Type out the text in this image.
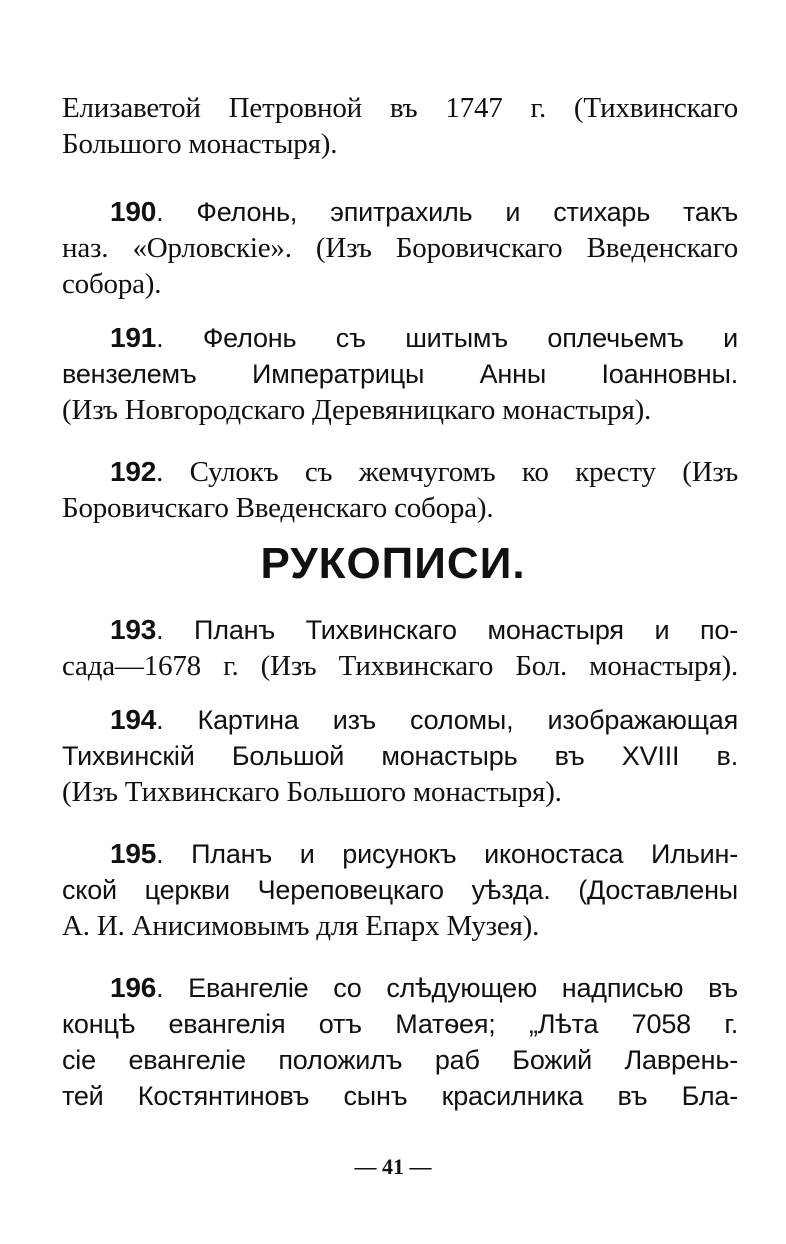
Елизаветой Петровной въ 1747 г. (Тихвинскаго
Большого монастыря).
190. Фелонь, эпитрахиль и стихарь такъ
наз. «Орловскіе». (Изъ Боровичскаго Введенскаго
собора).
191. Фелонь съ шитымъ оплечьемъ и
вензелемъ Императрицы Анны Іоанновны.
(Изъ Новгородскаго Деревяницкаго монастыря).
192. Сулокъ съ жемчугомъ ко кресту (Изъ
Боровичскаго Введенскаго собора).
РУКОПИСИ.
193. Планъ Тихвинскаго монастыря и по-
сада—1678 г. (Изъ Тихвинскаго Бол. монастыря).
194. Картина изъ соломы, изображающая
Тихвинскій Большой монастырь въ XVIII в.
(Изъ Тихвинскаго Большого монастыря).
195. Планъ и рисунокъ иконостаса Ильин-
ской церкви Череповецкаго уѣзда. (Доставлены
А. И. Анисимовымъ для Епарх Музея).
196. Евангеліе со слѣдующею надписью въ
концѣ евангелія отъ Матѳея; „Лѣта 7058 г.
сіе евангеліе положилъ раб Божий Лаврень-
тей Костянтиновъ сынъ красилника въ Бла-
— 41 —
